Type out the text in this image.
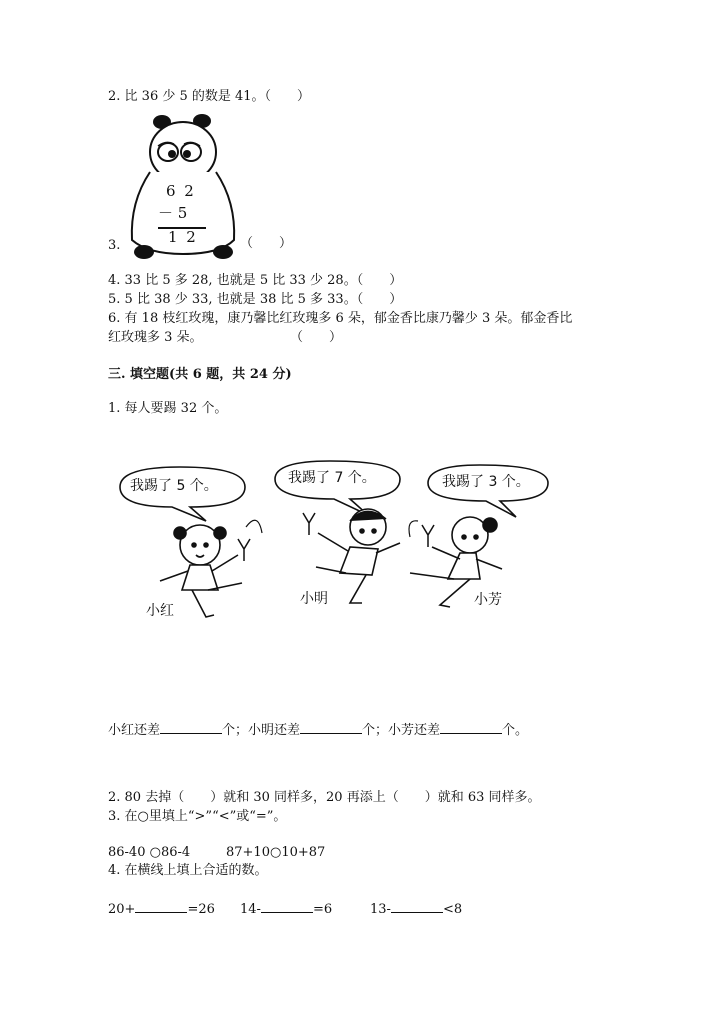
2. 比 36 少 5 的数是 41。（　　）
6 2
－ 5
1 2
3.	（　　）
4. 33 比 5 多 28, 也就是 5 比 33 少 28。（　　）
5. 5 比 38 少 33, 也就是 38 比 5 多 33。（　　）
6. 有 18 枝红玫瑰，康乃馨比红玫瑰多 6 朵，郁金香比康乃馨少 3 朵。郁金香比
红玫瑰多 3 朵。	（　　）
三. 填空题(共 6 题，共 24 分)
1. 每人要踢 32 个。
我踢了 5 个。	我踢了 7 个。	我踢了 3 个。
小红
小明	小芳
小红还差	个；小明还差	个；小芳还差	个。
2. 80 去掉（　　）就和 30 同样多，20 再添上（　　）就和 63 同样多。
3. 在○里填上“>”“<”或“=”。
86-40 ○86-4	87+10○10+87
4. 在横线上填上合适的数。
20+	=26 14-	=6	13-	<8
